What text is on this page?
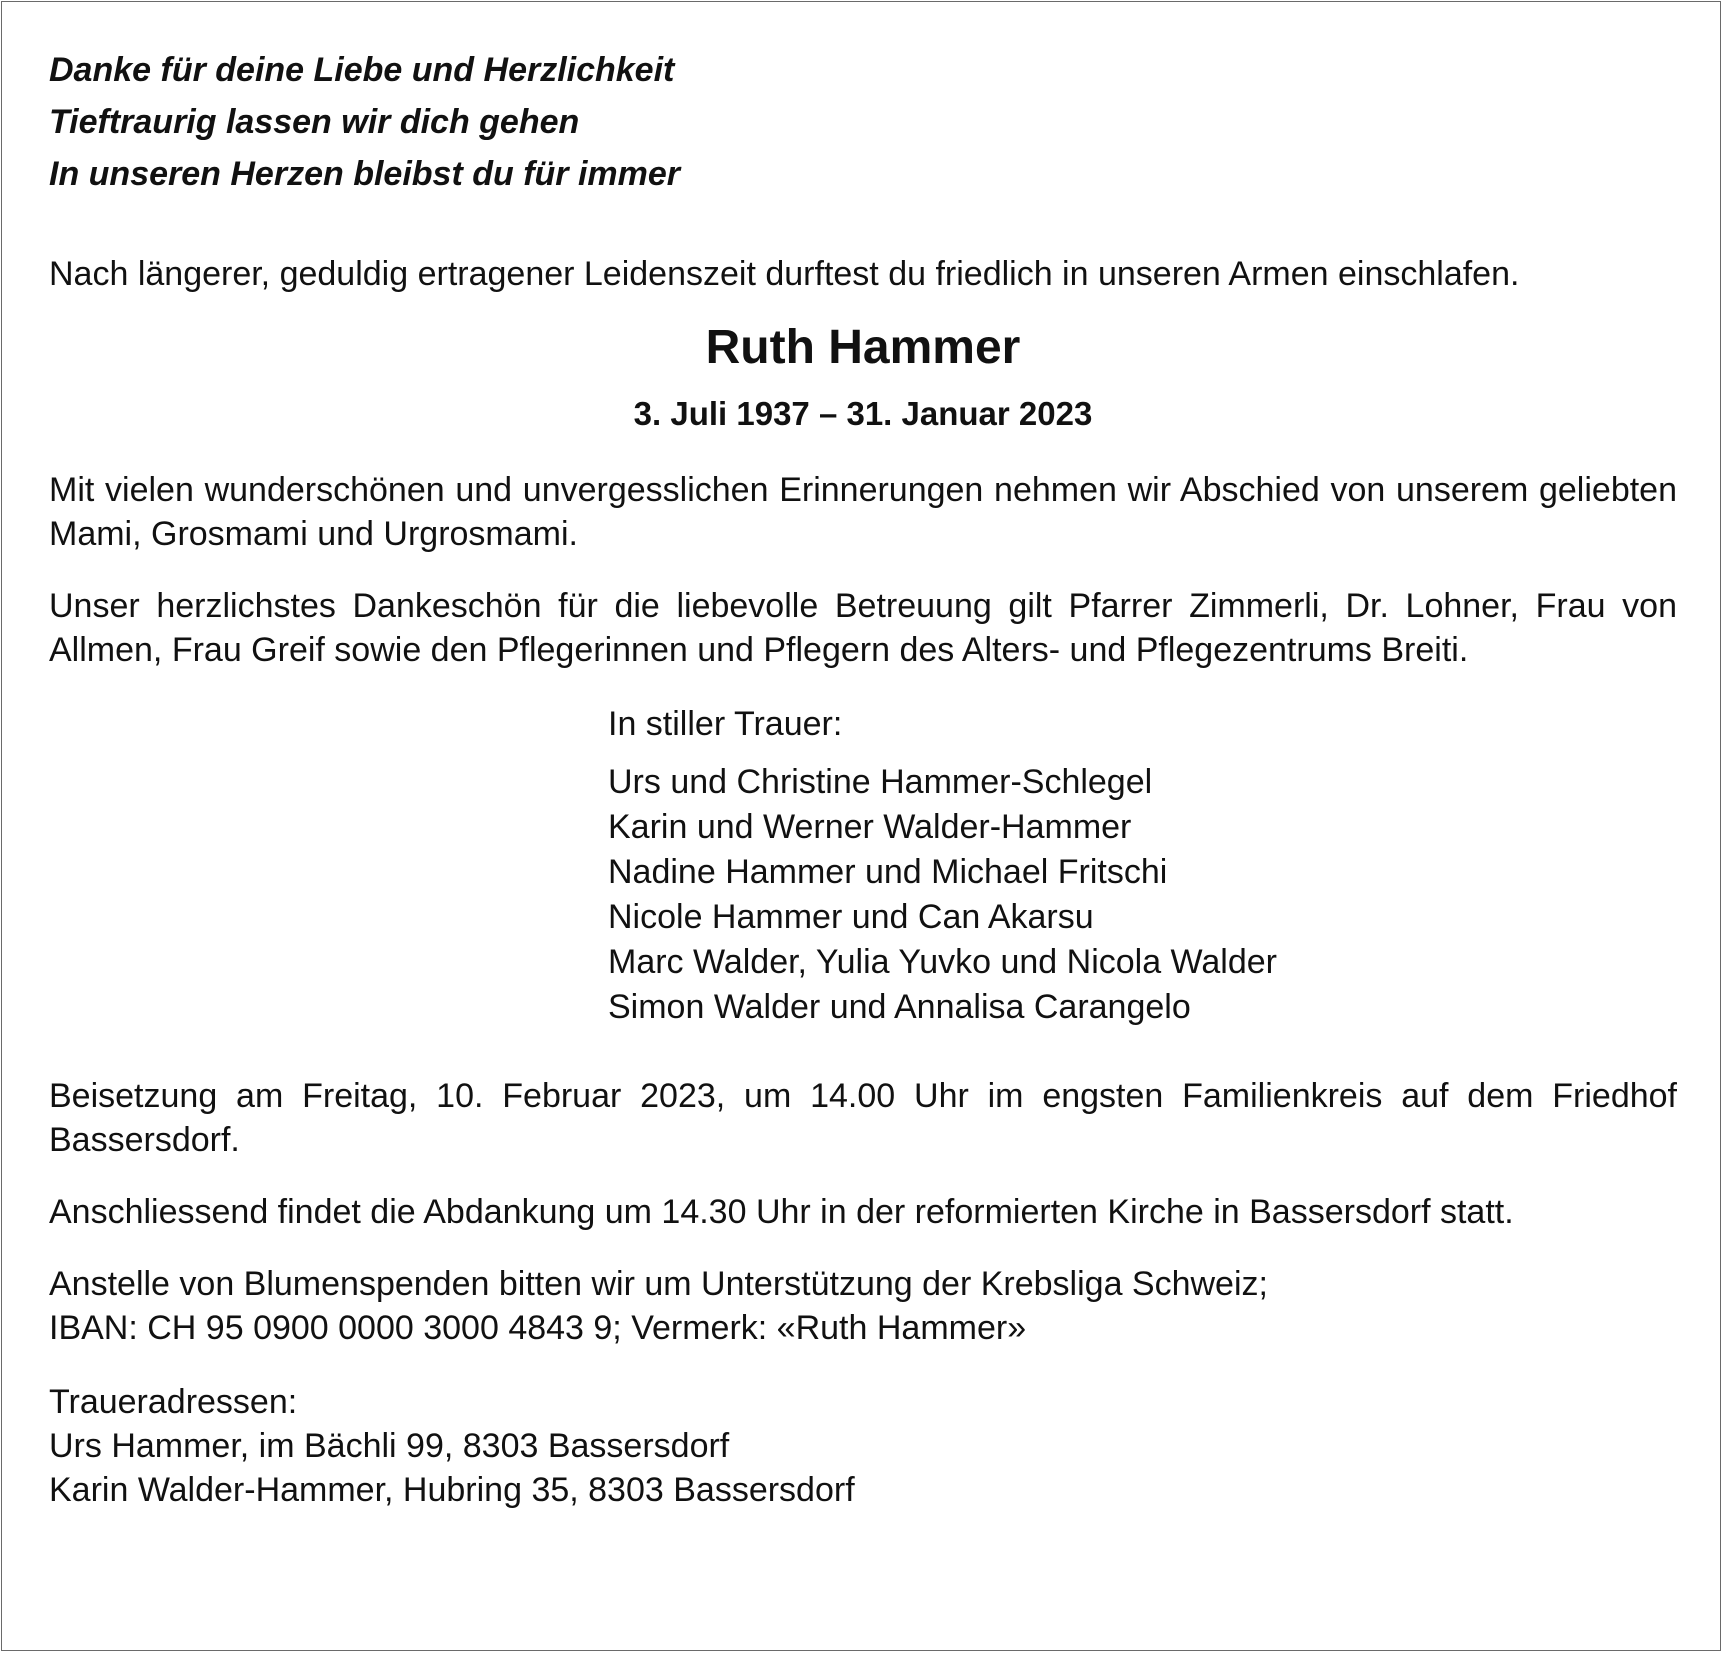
Danke für deine Liebe und Herzlichkeit
Tieftraurig lassen wir dich gehen
In unseren Herzen bleibst du für immer

Nach längerer, geduldig ertragener Leidenszeit durftest du friedlich in unseren Armen einschlafen.

Ruth Hammer
3. Juli 1937 – 31. Januar 2023

Mit vielen wunderschönen und unvergesslichen Erinnerungen nehmen wir Abschied von unserem geliebten Mami, Grosmami und Urgrosmami.

Unser herzlichstes Dankeschön für die liebevolle Betreuung gilt Pfarrer Zimmerli, Dr. Lohner, Frau von Allmen, Frau Greif sowie den Pflegerinnen und Pflegern des Alters- und Pflegezentrums Breiti.

In stiller Trauer:
Urs und Christine Hammer-Schlegel
Karin und Werner Walder-Hammer
Nadine Hammer und Michael Fritschi
Nicole Hammer und Can Akarsu
Marc Walder, Yulia Yuvko und Nicola Walder
Simon Walder und Annalisa Carangelo

Beisetzung am Freitag, 10. Februar 2023, um 14.00 Uhr im engsten Familienkreis auf dem Friedhof Bassersdorf.

Anschliessend findet die Abdankung um 14.30 Uhr in der reformierten Kirche in Bassersdorf statt.

Anstelle von Blumenspenden bitten wir um Unterstützung der Krebsliga Schweiz;
IBAN: CH 95 0900 0000 3000 4843 9; Vermerk: «Ruth Hammer»
Traueradressen:
Urs Hammer, im Bächli 99, 8303 Bassersdorf
Karin Walder-Hammer, Hubring 35, 8303 Bassersdorf
